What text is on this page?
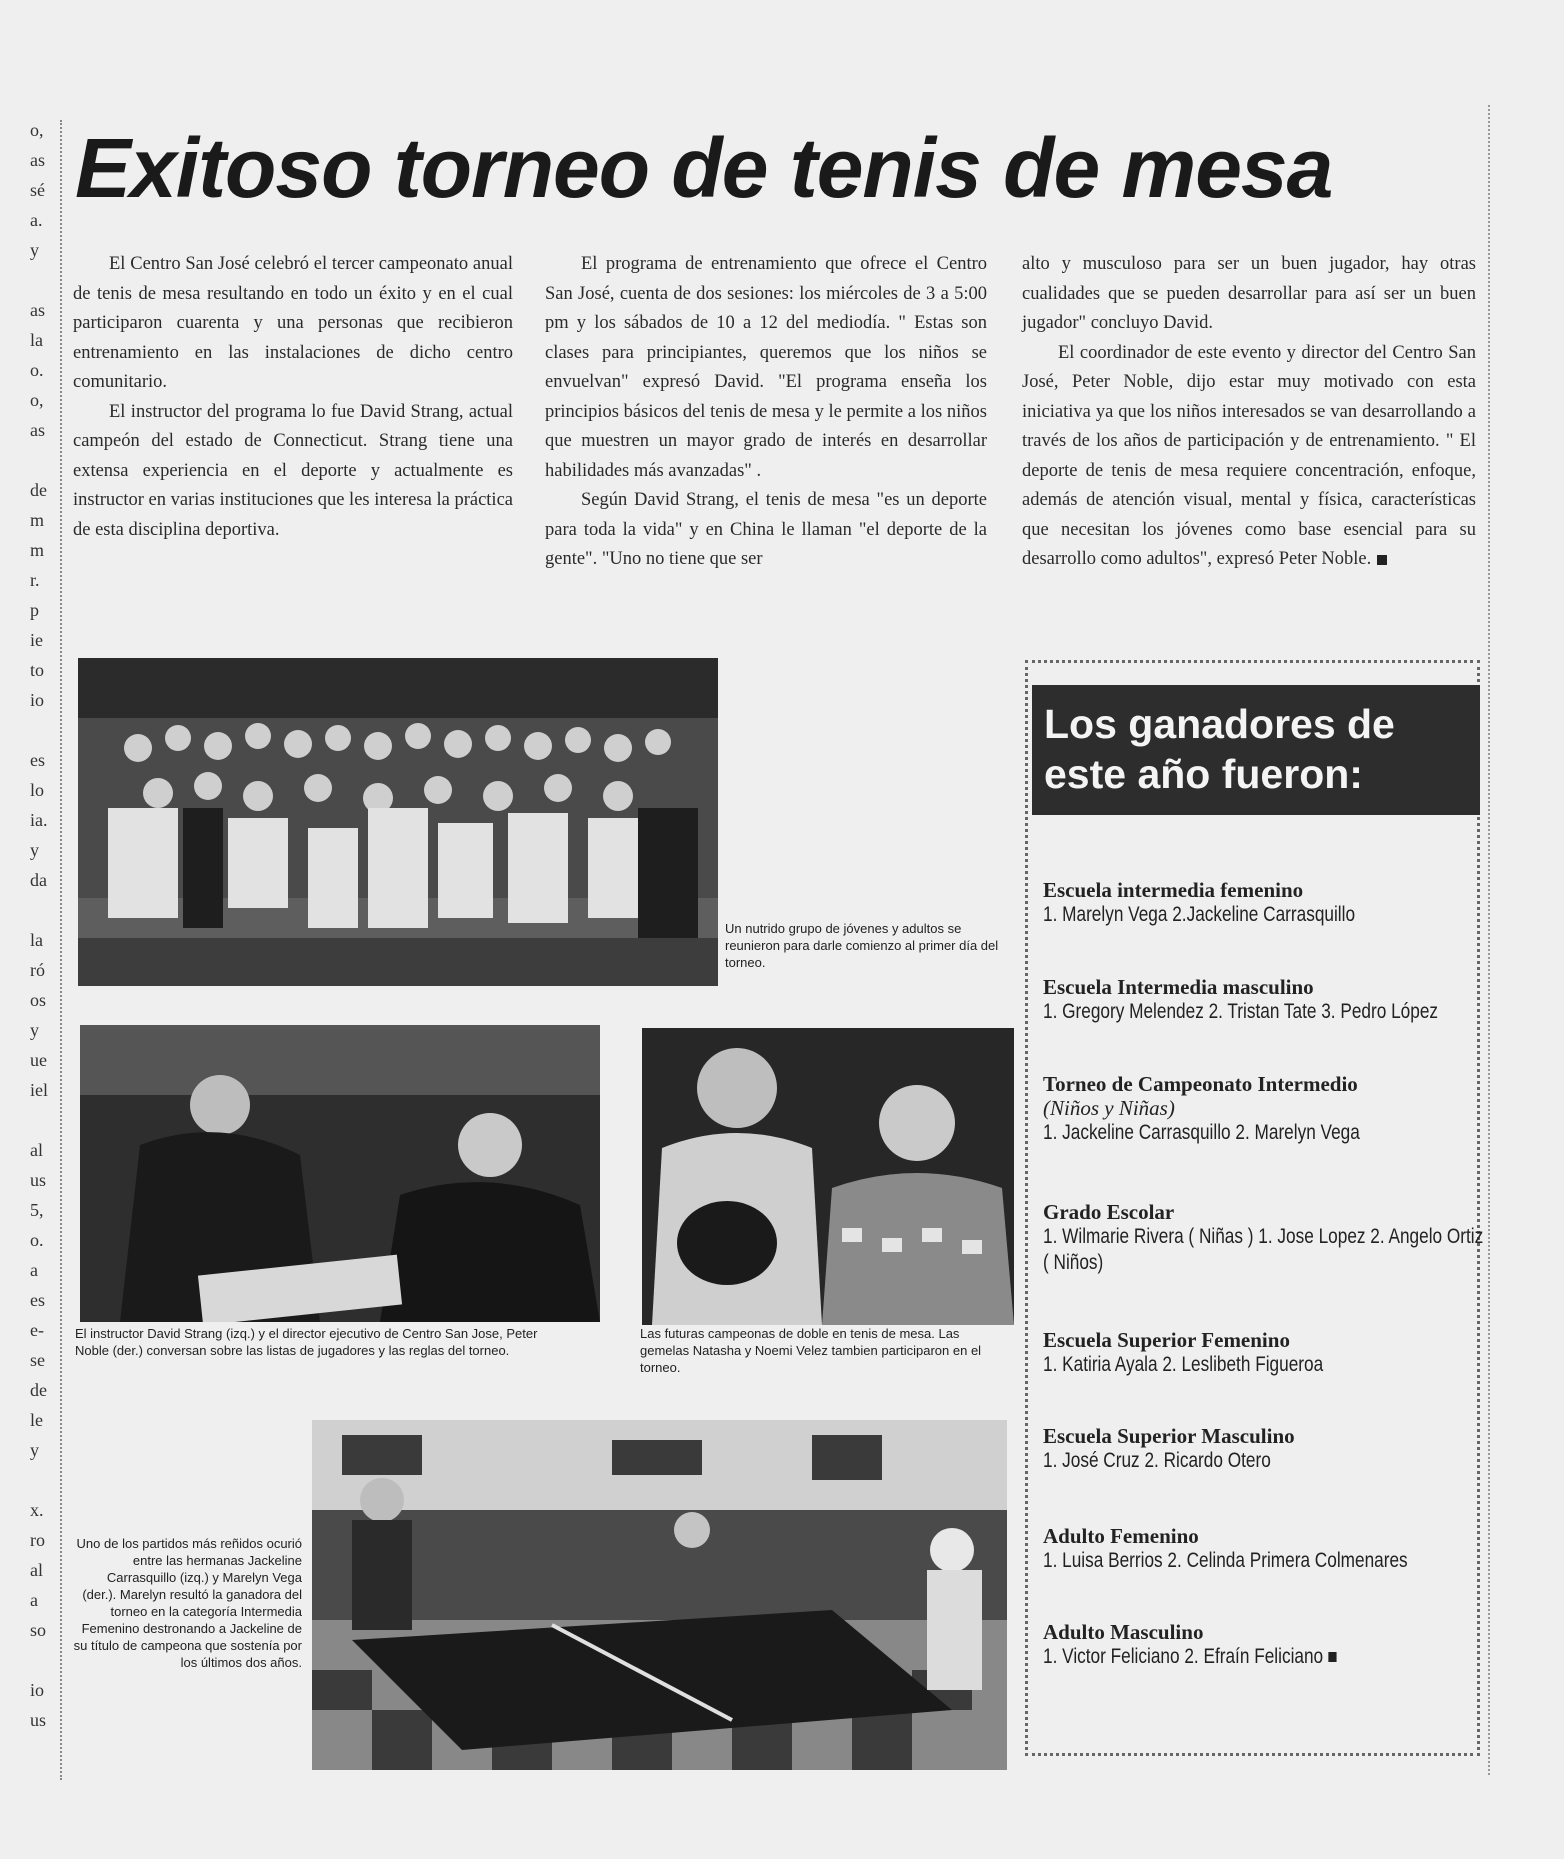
o,
as
sé
a.
y
as
la
o.
o,
as
de
m
m
r.
p
ie
to
io
es
lo
ia.
y
da
la
ró
os
y
ue
iel
al
us
5,
o.
a
es
e-
se
de
le
y
x.
ro
al
a
so
io
us
Exitoso torneo de tenis de mesa

El Centro San José celebró el tercer campeonato anual de tenis de mesa resultando en todo un éxito y en el cual participaron cuarenta y una personas que recibieron entrenamiento en las instalaciones de dicho centro comunitario.

El instructor del programa lo fue David Strang, actual campeón del estado de Connecticut. Strang tiene una extensa experiencia en el deporte y actualmente es instructor en varias instituciones que les interesa la práctica de esta disciplina deportiva.

El programa de entrenamiento que ofrece el Centro San José, cuenta de dos sesiones: los miércoles de 3 a 5:00 pm y los sábados de 10 a 12 del mediodía. " Estas son clases para principiantes, queremos que los niños se envuelvan" expresó David. "El programa enseña los principios básicos del tenis de mesa y le permite a los niños que muestren un mayor grado de interés en desarrollar habilidades más avanzadas" .

Según David Strang, el tenis de mesa "es un deporte para toda la vida" y en China le llaman "el deporte de la gente". "Uno no tiene que ser

alto y musculoso para ser un buen jugador, hay otras cualidades que se pueden desarrollar para así ser un buen jugador" concluyo David.

El coordinador de este evento y director del Centro San José, Peter Noble, dijo estar muy motivado con esta iniciativa ya que los niños interesados se van desarrollando a través de los años de participación y de entrenamiento. " El deporte de tenis de mesa requiere concentración, enfoque, además de atención visual, mental y física, características que necesitan los jóvenes como base esencial para su desarrollo como adultos", expresó Peter Noble.

Un nutrido grupo de jóvenes y adultos se reunieron para darle comienzo al primer día del torneo.
El instructor David Strang (izq.) y el director ejecutivo de Centro San Jose, Peter Noble (der.) conversan sobre las listas de jugadores y las reglas del torneo.
Las futuras campeonas de doble en tenis de mesa. Las gemelas Natasha y Noemi Velez tambien participaron en el torneo.
Uno de los partidos más reñidos ocurió entre las hermanas Jackeline Carrasquillo (izq.) y Marelyn Vega (der.). Marelyn resultó la ganadora del torneo en la categoría Intermedia Femenino destronando a Jackeline de su título de campeona que sostenía por los últimos dos años.
Los ganadores de
este año fueron:
Escuela intermedia femenino
1. Marelyn Vega 2.Jackeline Carrasquillo
Escuela Intermedia masculino
1. Gregory Melendez 2. Tristan Tate 3. Pedro López
Torneo de Campeonato Intermedio
(Niños y Niñas)
1. Jackeline Carrasquillo 2. Marelyn Vega
Grado Escolar
1. Wilmarie Rivera ( Niñas ) 1. Jose Lopez 2. Angelo Ortiz
( Niños)
Escuela Superior Femenino
1. Katiria Ayala 2. Leslibeth Figueroa
Escuela Superior Masculino
1. José Cruz 2. Ricardo Otero
Adulto Femenino
1. Luisa Berrios 2. Celinda Primera Colmenares
Adulto Masculino
1. Victor Feliciano 2. Efraín Feliciano
